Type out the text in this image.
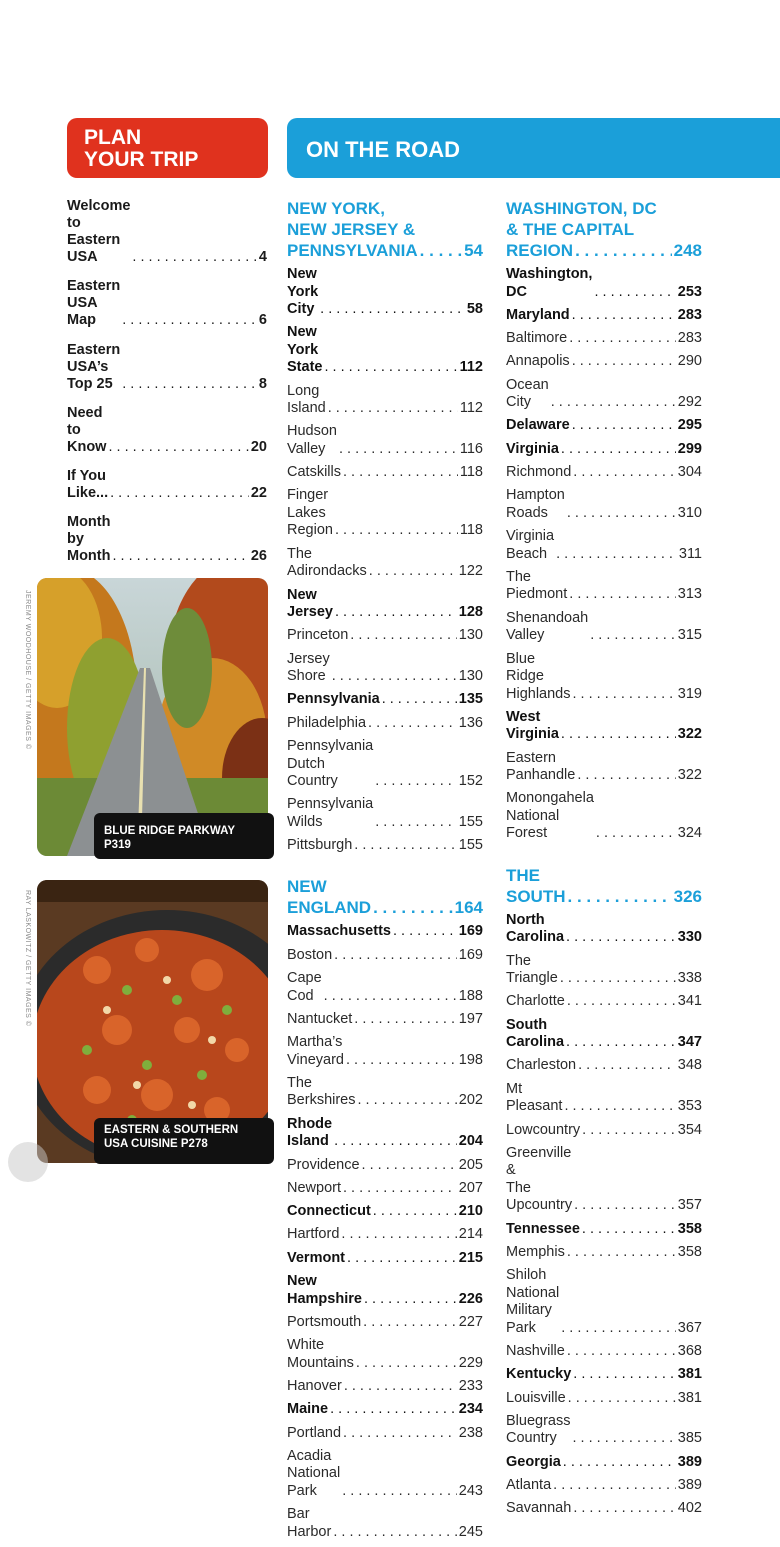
PLAN
YOUR TRIP	ON THE ROAD
Welcome to Eastern USA . . .	4
Eastern USA Map . . .	6
Eastern USA’s Top 25 . . .	8
Need to Know . . .	20
If You Like... . . .	22
Month by Month . . .	26
. . .
. . .
. . .
. . .
. . .
JEREMY WOODHOUSE / GETTY IMAGES ©
BLUE RIDGE PARKWAY P319
RAY LASKOWITZ / GETTY IMAGES ©
EASTERN & SOUTHERN
USA CUISINE P278
NEW YORK,
NEW JERSEY &
PENNSYLVANIA . . .	54
New York City . . .	58
New York State . . .	112
Long Island . . .	112
Hudson Valley . . .	116
Catskills . . .	118
Finger Lakes Region . . .	118
The Adirondacks . . .	122
New Jersey . . .	128
Princeton . . .	130
Jersey Shore . . .	130
Pennsylvania . . .	135
Philadelphia . . .	136
Pennsylvania
Dutch Country . . .	152
Pennsylvania Wilds . . .	155
Pittsburgh . . .	155
NEW ENGLAND . . .	164
Massachusetts . . .	169
Boston . . .	169
Cape Cod . . .	188
Nantucket . . .	197
Martha’s Vineyard . . .	198
The Berkshires . . .	202
Rhode Island . . .	204
Providence . . .	205
Newport . . .	207
Connecticut . . .	210
Hartford . . .	214
Vermont . . .	215
New Hampshire . . .	226
Portsmouth . . .	227
White Mountains . . .	229
Hanover . . .	233
Maine . . .	234
Portland . . .	238
Acadia National Park . . .	243
Bar Harbor . . .	245
WASHINGTON, DC
& THE CAPITAL
REGION . . .	248
Washington, DC . . .	253
Maryland . . .	283
Baltimore . . .	283
Annapolis . . .	290
Ocean City . . .	292
Delaware . . .	295
Virginia . . .	299
Richmond . . .	304
Hampton Roads . . .	310
Virginia Beach . . .	311
The Piedmont . . .	313
Shenandoah Valley . . .	315
Blue Ridge Highlands . . .	319
West Virginia . . .	322
Eastern Panhandle . . .	322
Monongahela
National Forest . . .	324
THE SOUTH . . .	326
North Carolina . . .	330
The Triangle . . .	338
Charlotte . . .	341
South Carolina . . .	347
Charleston . . .	348
Mt Pleasant . . .	353
Lowcountry . . .	354
Greenville &
The Upcountry . . .	357
Tennessee . . .	358
Memphis . . .	358
Shiloh National
Military Park . . .	367
Nashville . . .	368
Kentucky . . .	381
Louisville . . .	381
Bluegrass Country . . .	385
Georgia . . .	389
Atlanta . . .	389
Savannah . . .	402
